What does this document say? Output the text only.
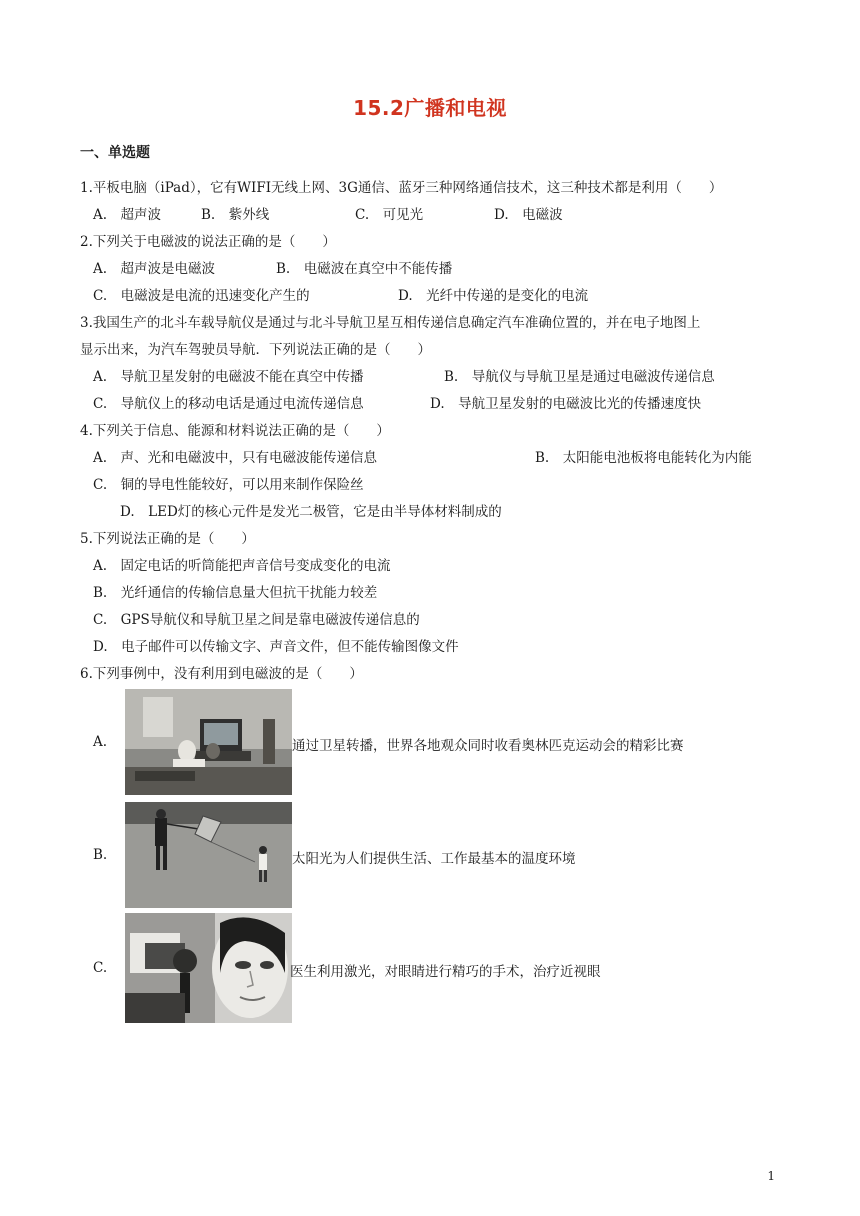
15.2广播和电视
一、单选题
1.平板电脑（iPad），它有WIFI无线上网、3G通信、蓝牙三种网络通信技术，这三种技术都是利用（　　）
A.　超声波	B.　紫外线	C.　可见光	D.　电磁波
2.下列关于电磁波的说法正确的是（　　）
A.　超声波是电磁波	B.　电磁波在真空中不能传播
C.　电磁波是电流的迅速变化产生的	D.　光纤中传递的是变化的电流
3.我国生产的北斗车载导航仪是通过与北斗导航卫星互相传递信息确定汽车准确位置的，并在电子地图上
显示出来，为汽车驾驶员导航．下列说法正确的是（　　）
A.　导航卫星发射的电磁波不能在真空中传播	B.　导航仪与导航卫星是通过电磁波传递信息
C.　导航仪上的移动电话是通过电流传递信息	D.　导航卫星发射的电磁波比光的传播速度快
4.下列关于信息、能源和材料说法正确的是（　　）
A.　声、光和电磁波中，只有电磁波能传递信息	B.　太阳能电池板将电能转化为内能
C.　铜的导电性能较好，可以用来制作保险丝
D.　LED灯的核心元件是发光二极管，它是由半导体材料制成的
5.下列说法正确的是（　　）
A.　固定电话的听筒能把声音信号变成变化的电流
B.　光纤通信的传输信息量大但抗干扰能力较差
C.　GPS导航仪和导航卫星之间是靠电磁波传递信息的
D.　电子邮件可以传输文字、声音文件，但不能传输图像文件
6.下列事例中，没有利用到电磁波的是（　　）
A.	通过卫星转播，世界各地观众同时收看奥林匹克运动会的精彩比赛
B.	太阳光为人们提供生活、工作最基本的温度环境
C.	医生利用激光，对眼睛进行精巧的手术，治疗近视眼
1
